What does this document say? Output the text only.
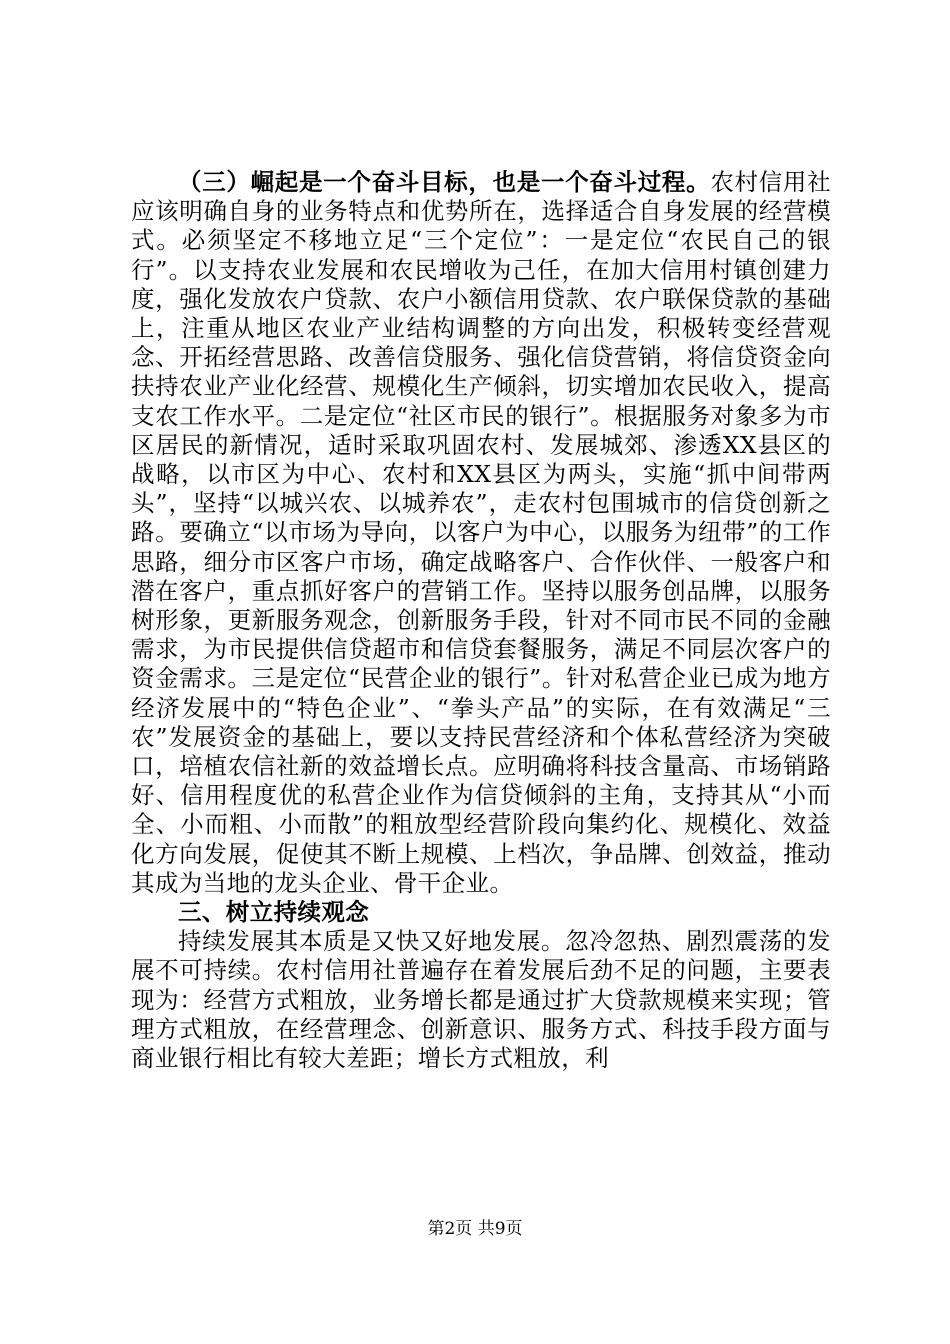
（三）崛起是一个奋斗目标，也是一个奋斗过程。农村信用社应该明确自身的业务特点和优势所在，选择适合自身发展的经营模式。必须坚定不移地立足“三个定位”：一是定位“农民自己的银行”。以支持农业发展和农民增收为己任，在加大信用村镇创建力度，强化发放农户贷款、农户小额信用贷款、农户联保贷款的基础上，注重从地区农业产业结构调整的方向出发，积极转变经营观念、开拓经营思路、改善信贷服务、强化信贷营销，将信贷资金向扶持农业产业化经营、规模化生产倾斜，切实增加农民收入，提高支农工作水平。二是定位“社区市民的银行”。根据服务对象多为市区居民的新情况，适时采取巩固农村、发展城郊、渗透XX县区的战略，以市区为中心、农村和XX县区为两头，实施“抓中间带两头”，坚持“以城兴农、以城养农”，走农村包围城市的信贷创新之路。要确立“以市场为导向，以客户为中心，以服务为纽带”的工作思路，细分市区客户市场，确定战略客户、合作伙伴、一般客户和潜在客户，重点抓好客户的营销工作。坚持以服务创品牌，以服务树形象，更新服务观念，创新服务手段，针对不同市民不同的金融需求，为市民提供信贷超市和信贷套餐服务，满足不同层次客户的资金需求。三是定位“民营企业的银行”。针对私营企业已成为地方经济发展中的“特色企业”、“拳头产品”的实际，在有效满足“三农”发展资金的基础上，要以支持民营经济和个体私营经济为突破口，培植农信社新的效益增长点。应明确将科技含量高、市场销路好、信用程度优的私营企业作为信贷倾斜的主角，支持其从“小而全、小而粗、小而散”的粗放型经营阶段向集约化、规模化、效益化方向发展，促使其不断上规模、上档次，争品牌、创效益，推动其成为当地的龙头企业、骨干企业。

三、树立持续观念

持续发展其本质是又快又好地发展。忽冷忽热、剧烈震荡的发展不可持续。农村信用社普遍存在着发展后劲不足的问题，主要表现为：经营方式粗放，业务增长都是通过扩大贷款规模来实现；管理方式粗放，在经营理念、创新意识、服务方式、科技手段方面与商业银行相比有较大差距；增长方式粗放，利

第2页 共9页
